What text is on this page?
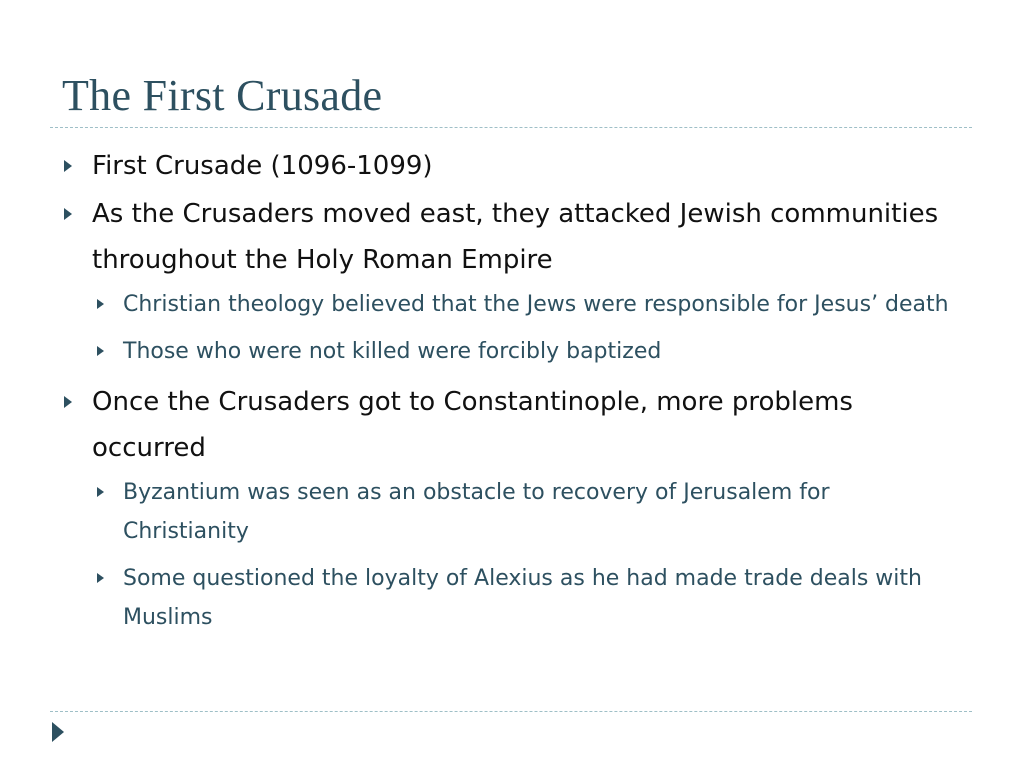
The First Crusade
First Crusade (1096-1099)
As the Crusaders moved east, they attacked Jewish communities throughout the Holy Roman Empire
Christian theology believed that the Jews were responsible for Jesus’ death
Those who were not killed were forcibly baptized
Once the Crusaders got to Constantinople, more problems occurred
Byzantium was seen as an obstacle to recovery of Jerusalem for Christianity
Some questioned the loyalty of Alexius as he had made trade deals with Muslims
